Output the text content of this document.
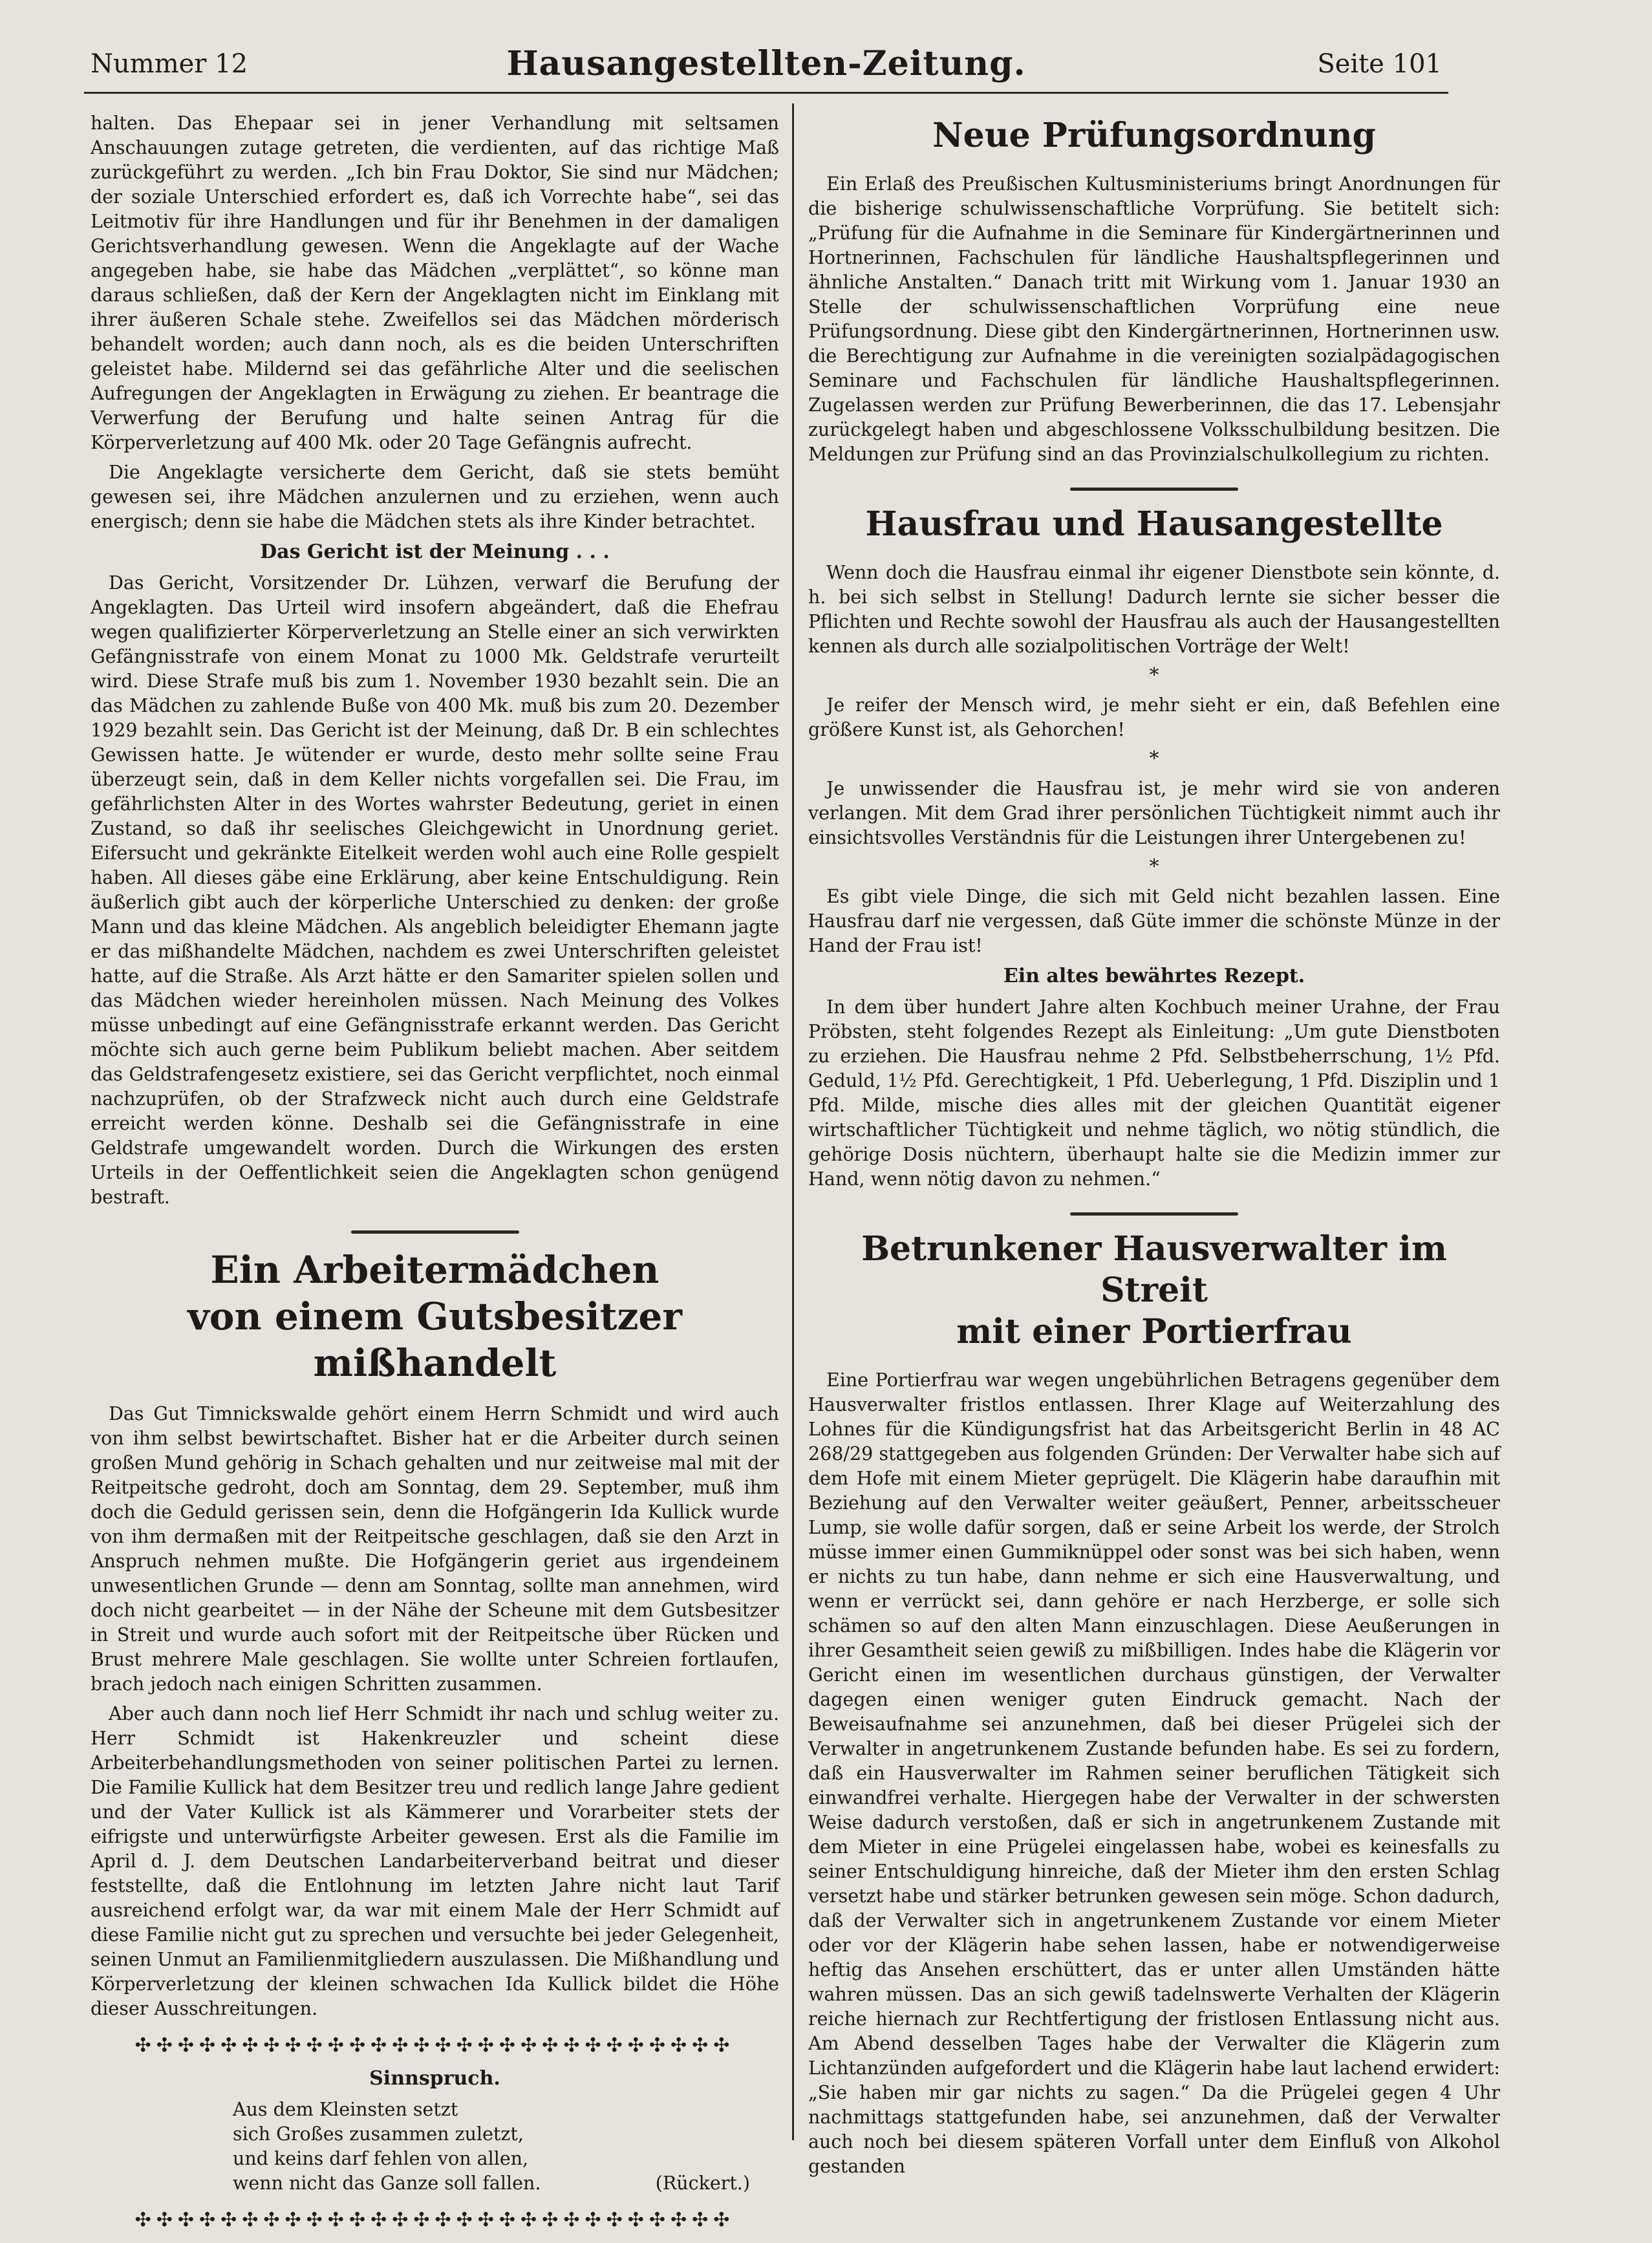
Nummer 12	Hausangestellten-Zeitung.	Seite 101

halten. Das Ehepaar sei in jener Verhandlung mit seltsamen Anschauungen zutage getreten, die verdienten, auf das richtige Maß zurückgeführt zu werden. „Ich bin Frau Doktor, Sie sind nur Mädchen; der soziale Unterschied erfordert es, daß ich Vorrechte habe“, sei das Leitmotiv für ihre Handlungen und für ihr Benehmen in der damaligen Gerichtsverhandlung gewesen. Wenn die Angeklagte auf der Wache angegeben habe, sie habe das Mädchen „verplättet“, so könne man daraus schließen, daß der Kern der Angeklagten nicht im Einklang mit ihrer äußeren Schale stehe. Zweifellos sei das Mädchen mörderisch behandelt worden; auch dann noch, als es die beiden Unterschriften geleistet habe. Mildernd sei das gefährliche Alter und die seelischen Aufregungen der Angeklagten in Erwägung zu ziehen. Er beantrage die Verwerfung der Berufung und halte seinen Antrag für die Körperverletzung auf 400 Mk. oder 20 Tage Gefängnis aufrecht.

Die Angeklagte versicherte dem Gericht, daß sie stets bemüht gewesen sei, ihre Mädchen anzulernen und zu erziehen, wenn auch energisch; denn sie habe die Mädchen stets als ihre Kinder betrachtet.

Das Gericht ist der Meinung . . .

Das Gericht, Vorsitzender Dr. Lühzen, verwarf die Berufung der Angeklagten. Das Urteil wird insofern abgeändert, daß die Ehefrau wegen qualifizierter Körperverletzung an Stelle einer an sich verwirkten Gefängnisstrafe von einem Monat zu 1000 Mk. Geldstrafe verurteilt wird. Diese Strafe muß bis zum 1. November 1930 bezahlt sein. Die an das Mädchen zu zahlende Buße von 400 Mk. muß bis zum 20. Dezember 1929 bezahlt sein. Das Gericht ist der Meinung, daß Dr. B ein schlechtes Gewissen hatte. Je wütender er wurde, desto mehr sollte seine Frau überzeugt sein, daß in dem Keller nichts vorgefallen sei. Die Frau, im gefährlichsten Alter in des Wortes wahrster Bedeutung, geriet in einen Zustand, so daß ihr seelisches Gleichgewicht in Unordnung geriet. Eifersucht und gekränkte Eitelkeit werden wohl auch eine Rolle gespielt haben. All dieses gäbe eine Erklärung, aber keine Entschuldigung. Rein äußerlich gibt auch der körperliche Unterschied zu denken: der große Mann und das kleine Mädchen. Als angeblich beleidigter Ehemann jagte er das mißhandelte Mädchen, nachdem es zwei Unterschriften geleistet hatte, auf die Straße. Als Arzt hätte er den Samariter spielen sollen und das Mädchen wieder hereinholen müssen. Nach Meinung des Volkes müsse unbedingt auf eine Gefängnisstrafe erkannt werden. Das Gericht möchte sich auch gerne beim Publikum beliebt machen. Aber seitdem das Geldstrafengesetz existiere, sei das Gericht verpflichtet, noch einmal nachzuprüfen, ob der Strafzweck nicht auch durch eine Geldstrafe erreicht werden könne. Deshalb sei die Gefängnisstrafe in eine Geldstrafe umgewandelt worden. Durch die Wirkungen des ersten Urteils in der Oeffentlichkeit seien die Angeklagten schon genügend bestraft.

Ein Arbeitermädchen
von einem Gutsbesitzer mißhandelt

Das Gut Timnickswalde gehört einem Herrn Schmidt und wird auch von ihm selbst bewirtschaftet. Bisher hat er die Arbeiter durch seinen großen Mund gehörig in Schach gehalten und nur zeitweise mal mit der Reitpeitsche gedroht, doch am Sonntag, dem 29. September, muß ihm doch die Geduld gerissen sein, denn die Hofgängerin Ida Kullick wurde von ihm dermaßen mit der Reitpeitsche geschlagen, daß sie den Arzt in Anspruch nehmen mußte. Die Hofgängerin geriet aus irgendeinem unwesentlichen Grunde — denn am Sonntag, sollte man annehmen, wird doch nicht gearbeitet — in der Nähe der Scheune mit dem Gutsbesitzer in Streit und wurde auch sofort mit der Reitpeitsche über Rücken und Brust mehrere Male geschlagen. Sie wollte unter Schreien fortlaufen, brach jedoch nach einigen Schritten zusammen.

Aber auch dann noch lief Herr Schmidt ihr nach und schlug weiter zu. Herr Schmidt ist Hakenkreuzler und scheint diese Arbeiterbehandlungsmethoden von seiner politischen Partei zu lernen. Die Familie Kullick hat dem Besitzer treu und redlich lange Jahre gedient und der Vater Kullick ist als Kämmerer und Vorarbeiter stets der eifrigste und unterwürfigste Arbeiter gewesen. Erst als die Familie im April d. J. dem Deutschen Landarbeiterverband beitrat und dieser feststellte, daß die Entlohnung im letzten Jahre nicht laut Tarif ausreichend erfolgt war, da war mit einem Male der Herr Schmidt auf diese Familie nicht gut zu sprechen und versuchte bei jeder Gelegenheit, seinen Unmut an Familienmitgliedern auszulassen. Die Mißhandlung und Körperverletzung der kleinen schwachen Ida Kullick bildet die Höhe dieser Ausschreitungen.

✣✣✣✣✣✣✣✣✣✣✣✣✣✣✣✣✣✣✣✣✣✣✣✣✣✣✣✣
Sinnspruch.
Aus dem Kleinsten setzt
sich Großes zusammen zuletzt,
und keins darf fehlen von allen,
wenn nicht das Ganze soll fallen.	(Rückert.)
✣✣✣✣✣✣✣✣✣✣✣✣✣✣✣✣✣✣✣✣✣✣✣✣✣✣✣✣
Neue Prüfungsordnung

Ein Erlaß des Preußischen Kultusministeriums bringt Anordnungen für die bisherige schulwissenschaftliche Vorprüfung. Sie betitelt sich: „Prüfung für die Aufnahme in die Seminare für Kindergärtnerinnen und Hortnerinnen, Fachschulen für ländliche Haushaltspflegerinnen und ähnliche Anstalten.“ Danach tritt mit Wirkung vom 1. Januar 1930 an Stelle der schulwissenschaftlichen Vorprüfung eine neue Prüfungsordnung. Diese gibt den Kindergärtnerinnen, Hortnerinnen usw. die Berechtigung zur Aufnahme in die vereinigten sozialpädagogischen Seminare und Fachschulen für ländliche Haushaltspflegerinnen. Zugelassen werden zur Prüfung Bewerberinnen, die das 17. Lebensjahr zurückgelegt haben und abgeschlossene Volksschulbildung besitzen. Die Meldungen zur Prüfung sind an das Provinzialschulkollegium zu richten.

Hausfrau und Hausangestellte

Wenn doch die Hausfrau einmal ihr eigener Dienstbote sein könnte, d. h. bei sich selbst in Stellung! Dadurch lernte sie sicher besser die Pflichten und Rechte sowohl der Hausfrau als auch der Hausangestellten kennen als durch alle sozialpolitischen Vorträge der Welt!

*

Je reifer der Mensch wird, je mehr sieht er ein, daß Befehlen eine größere Kunst ist, als Gehorchen!

*

Je unwissender die Hausfrau ist, je mehr wird sie von anderen verlangen. Mit dem Grad ihrer persönlichen Tüchtigkeit nimmt auch ihr einsichtsvolles Verständnis für die Leistungen ihrer Untergebenen zu!

*

Es gibt viele Dinge, die sich mit Geld nicht bezahlen lassen. Eine Hausfrau darf nie vergessen, daß Güte immer die schönste Münze in der Hand der Frau ist!

Ein altes bewährtes Rezept.

In dem über hundert Jahre alten Kochbuch meiner Urahne, der Frau Pröbsten, steht folgendes Rezept als Einleitung: „Um gute Dienstboten zu erziehen. Die Hausfrau nehme 2 Pfd. Selbstbeherrschung, 1½ Pfd. Geduld, 1½ Pfd. Gerechtigkeit, 1 Pfd. Ueberlegung, 1 Pfd. Disziplin und 1 Pfd. Milde, mische dies alles mit der gleichen Quantität eigener wirtschaftlicher Tüchtigkeit und nehme täglich, wo nötig stündlich, die gehörige Dosis nüchtern, überhaupt halte sie die Medizin immer zur Hand, wenn nötig davon zu nehmen.“

Betrunkener Hausverwalter im Streit
mit einer Portierfrau

Eine Portierfrau war wegen ungebührlichen Betragens gegenüber dem Hausverwalter fristlos entlassen. Ihrer Klage auf Weiterzahlung des Lohnes für die Kündigungsfrist hat das Arbeitsgericht Berlin in 48 AC 268/29 stattgegeben aus folgenden Gründen: Der Verwalter habe sich auf dem Hofe mit einem Mieter geprügelt. Die Klägerin habe daraufhin mit Beziehung auf den Verwalter weiter geäußert, Penner, arbeitsscheuer Lump, sie wolle dafür sorgen, daß er seine Arbeit los werde, der Strolch müsse immer einen Gummiknüppel oder sonst was bei sich haben, wenn er nichts zu tun habe, dann nehme er sich eine Hausverwaltung, und wenn er verrückt sei, dann gehöre er nach Herzberge, er solle sich schämen so auf den alten Mann einzuschlagen. Diese Aeußerungen in ihrer Gesamtheit seien gewiß zu mißbilligen. Indes habe die Klägerin vor Gericht einen im wesentlichen durchaus günstigen, der Verwalter dagegen einen weniger guten Eindruck gemacht. Nach der Beweisaufnahme sei anzunehmen, daß bei dieser Prügelei sich der Verwalter in angetrunkenem Zustande befunden habe. Es sei zu fordern, daß ein Hausverwalter im Rahmen seiner beruflichen Tätigkeit sich einwandfrei verhalte. Hiergegen habe der Verwalter in der schwersten Weise dadurch verstoßen, daß er sich in angetrunkenem Zustande mit dem Mieter in eine Prügelei eingelassen habe, wobei es keinesfalls zu seiner Entschuldigung hinreiche, daß der Mieter ihm den ersten Schlag versetzt habe und stärker betrunken gewesen sein möge. Schon dadurch, daß der Verwalter sich in angetrunkenem Zustande vor einem Mieter oder vor der Klägerin habe sehen lassen, habe er notwendigerweise heftig das Ansehen erschüttert, das er unter allen Umständen hätte wahren müssen. Das an sich gewiß tadelnswerte Verhalten der Klägerin reiche hiernach zur Rechtfertigung der fristlosen Entlassung nicht aus. Am Abend desselben Tages habe der Verwalter die Klägerin zum Lichtanzünden aufgefordert und die Klägerin habe laut lachend erwidert: „Sie haben mir gar nichts zu sagen.“ Da die Prügelei gegen 4 Uhr nachmittags stattgefunden habe, sei anzunehmen, daß der Verwalter auch noch bei diesem späteren Vorfall unter dem Einfluß von Alkohol gestanden
